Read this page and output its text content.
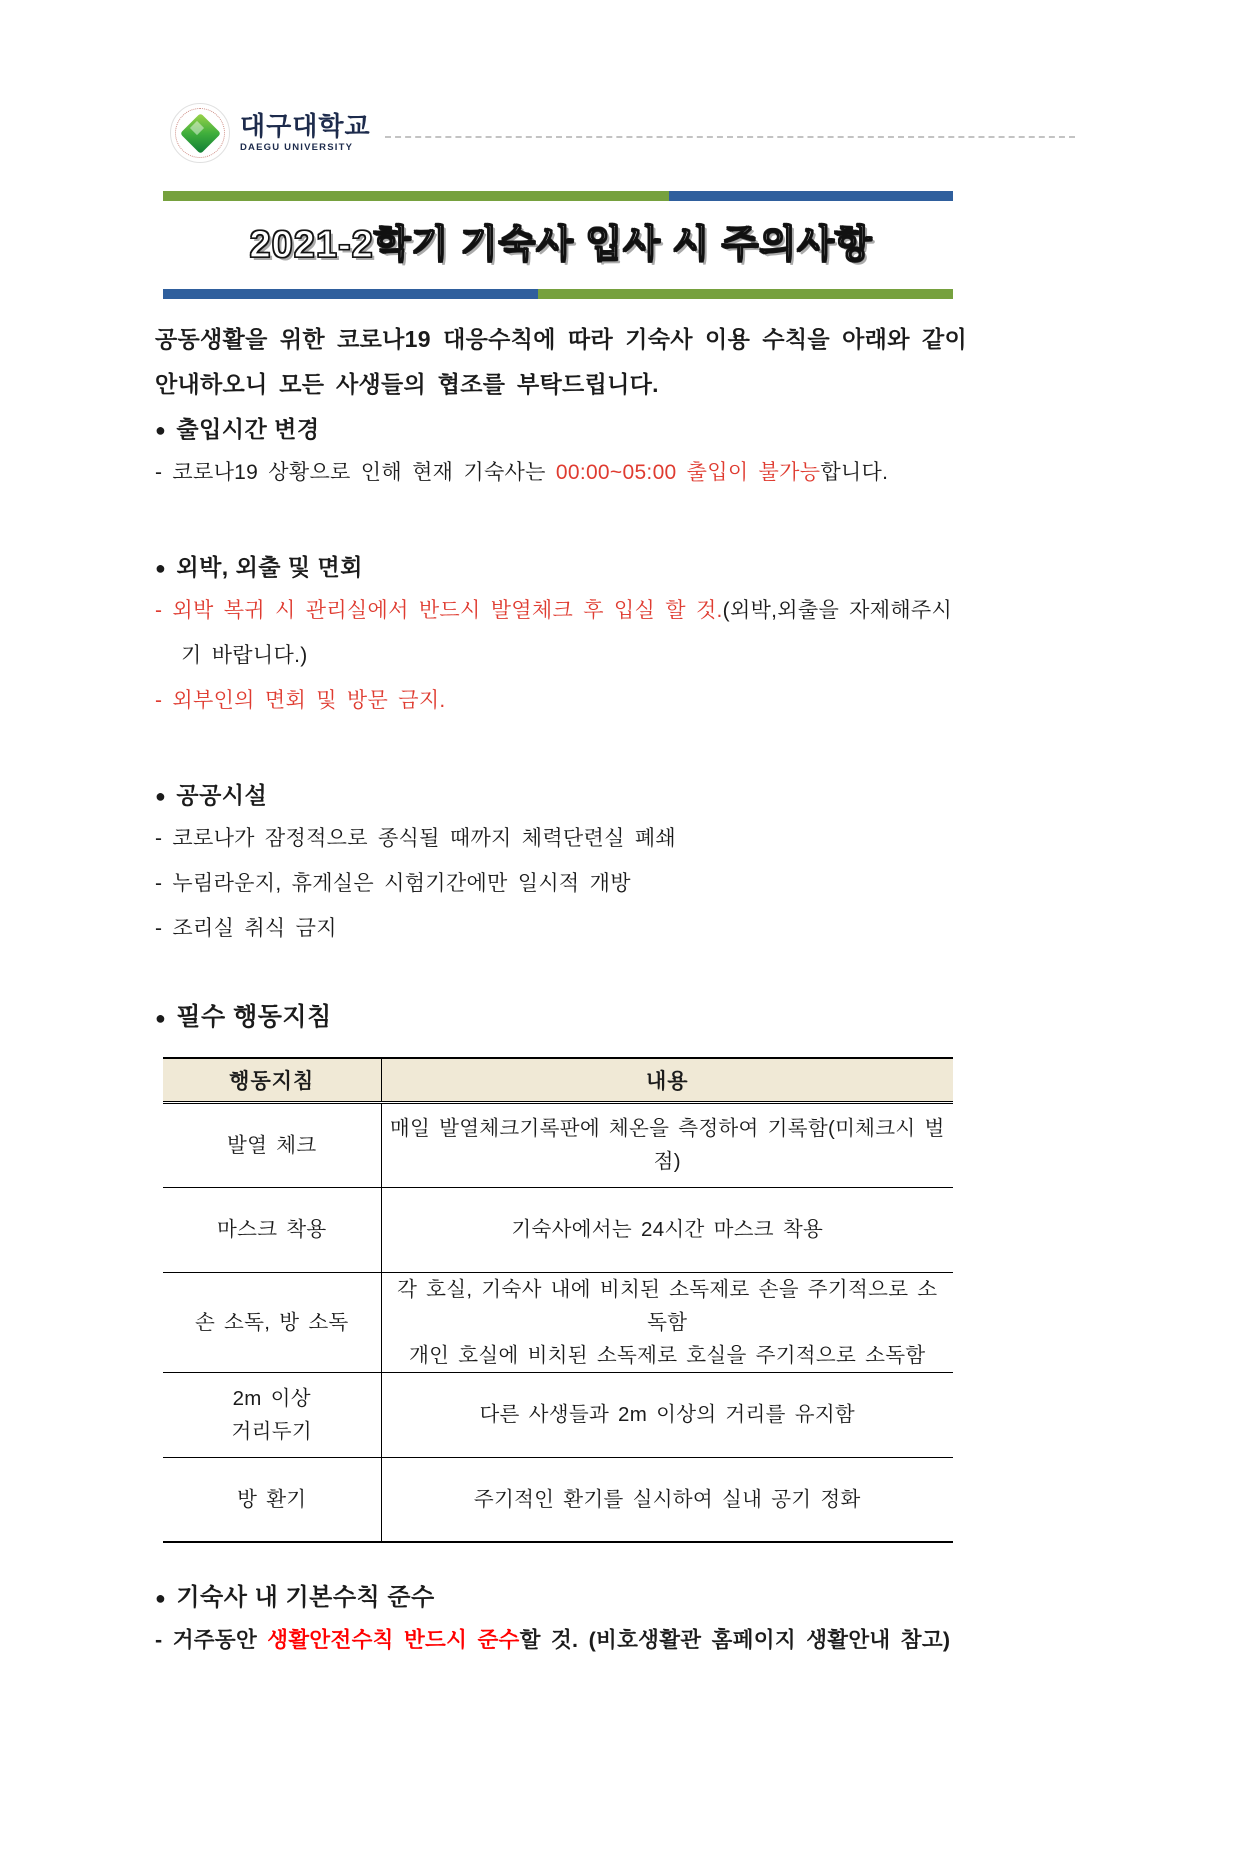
대구대학교
DAEGU UNIVERSITY
2021-2학기 기숙사 입사 시 주의사항

공동생활을 위한 코로나19 대응수칙에 따라 기숙사 이용 수칙을 아래와 같이 안내하오니 모든 사생들의 협조를 부탁드립니다.

● 출입시간 변경
- 코로나19 상황으로 인해 현재 기숙사는 00:00~05:00 출입이 불가능합니다.
● 외박, 외출 및 면회
- 외박 복귀 시 관리실에서 반드시 발열체크 후 입실 할 것.(외박,외출을 자제해주시기 바랍니다.)
- 외부인의 면회 및 방문 금지.
● 공공시설
- 코로나가 잠정적으로 종식될 때까지 체력단련실 폐쇄
- 누림라운지, 휴게실은 시험기간에만 일시적 개방
- 조리실 취식 금지
● 필수 행동지침
행동지침	내용

발열 체크	매일 발열체크기록판에 체온을 측정하여 기록함(미체크시 벌점)

마스크 착용	기숙사에서는 24시간 마스크 착용

손 소독, 방 소독	각 호실, 기숙사 내에 비치된 소독제로 손을 주기적으로 소독함
개인 호실에 비치된 소독제로 호실을 주기적으로 소독함

2m 이상
거리두기	다른 사생들과 2m 이상의 거리를 유지함

방 환기	주기적인 환기를 실시하여 실내 공기 정화
● 기숙사 내 기본수칙 준수
- 거주동안 생활안전수칙 반드시 준수할 것. (비호생활관 홈페이지 생활안내 참고)
